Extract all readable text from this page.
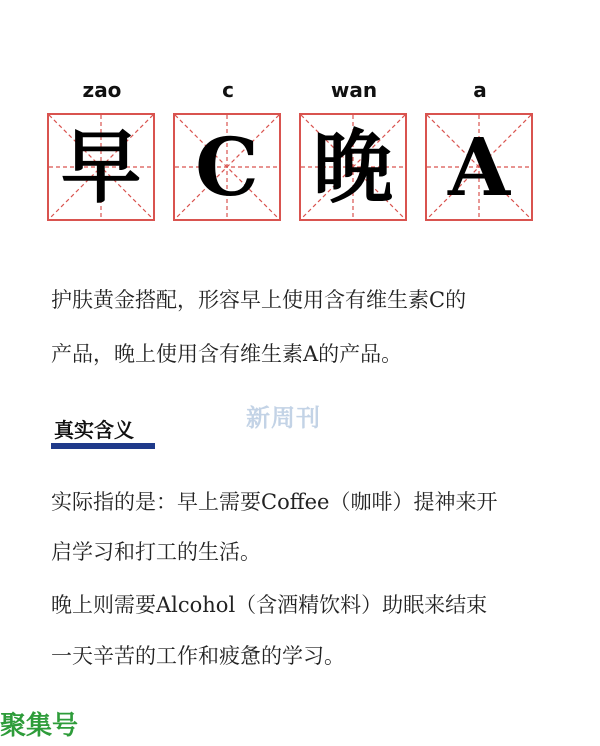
zao	c	wan	a
早 C 晚 A
护肤黄金搭配，形容早上使用含有维生素C的
产品，晚上使用含有维生素A的产品。
新周刊
真实含义
实际指的是：早上需要Coffee（咖啡）提神来开
启学习和打工的生活。
晚上则需要Alcohol（含酒精饮料）助眠来结束
一天辛苦的工作和疲惫的学习。
聚集号
